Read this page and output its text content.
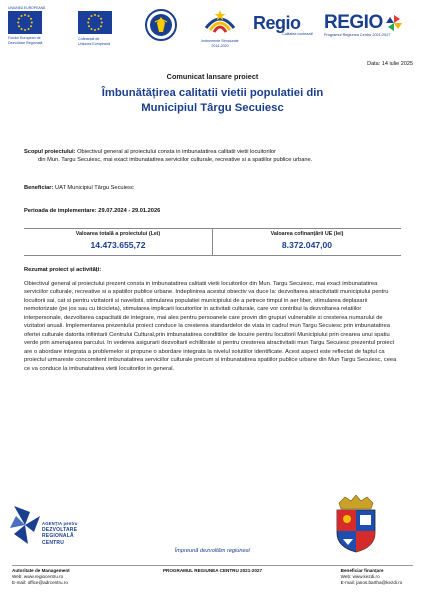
UNIUNEA EUROPEANĂ
Fondul European de
Dezvoltare Regională
Cofinanțat de
Uniunea Europeană
Instrumente Structurale
2014-2020
Regio
Calitatea contează!
REGIO
Programul Regiunea Centru 2021-2027
Data: 14 iulie 2025
Comunicat lansare proiect
Îmbunătățirea calitatii vietii populatiei din
Municipiul Târgu Secuiesc
Scopul proiectului: Obiectivul general al proiectului consta in imbunatatirea calitatii vietii locuitorilor
din Mun. Targu Secuiesc, mai exact imbunatatirea serviciilor culturale, recreative si a spatiilor publice urbane.
Beneficiar: UAT Municipiul Târgu Secuiesc
Perioada de implementare: 29.07.2024 - 29.01.2026
Valoarea totală a proiectului (Lei)
14.473.655,72
Valoarea cofinanțării UE (lei)
8.372.047,00
Rezumat proiect și activități:
Obiectivul general al proiectului prezent consta in imbunatatirea calitatii vietii locuitorilor din Mun. Targu Secuiesc, mai exact imbunatatirea serviciilor culturale, recreative si a spatiilor publice urbane. Indeplinirea acestui obiectiv va duce la: dezvoltarea atractivitatii municipiului pentru locuitorii sai, cat si pentru vizitatorii si navetistii, stimularea populatiei municipiului de a petrece timpul in aer liber, stimularea deplasarii nemotorizate (pe jos sau cu bicicleta), stimularea implicarii locuitorilor in activitati culturale, care vor contribui la dezvoltarea relatiilor interpersonale, dezvoltarea capacitatii de integrare, mai ales pentru persoanele care provin din grupuri vulnerabile si cresterea numarului de vizitatori anuali. Implementarea prezentului proiect conduce la cresterea standardelor de viata in cadrul mun Targu Secuiesc prin imbunatatirea ofertei culturale datorita infiintarii Centrului Cultural,prin imbunatatirea conditiilor de locuire pentru locuitorii Municipiului prin crearea unui spatiu verde prin amenajarea parcului. In vederea asigurarii dezvoltarii echilibrate si pentru cresterea atractivitatii mun Targu Secuiesc prezentul proiect are o abordare integrata a problemelor si propune o abordare integrata la nivelul solutiilor identificate. Acest aspect este reflectat de faptul ca proiectul urmareste concomitent imbunatatirea serviciilor culturale precum si imbunatatirea spatiilor publice urbane din Mun Targu Secuiesc, ceea ce va conduce la imbunatatirea vietii locuitorilor in general.
AGENȚIA pentru
DEZVOLTARE
REGIONALĂ
CENTRU
Împreună dezvoltăm regiunea!
Autoritate de Management
Web: www.regiocentru.ro
E-mail: office@adrcentru.ro
PROGRAMUL REGIUNEA CENTRU 2021-2027	Beneficiar finanțare
Web: www.kezdi.ro
E-mail: janos.bartha@kezdi.ro
